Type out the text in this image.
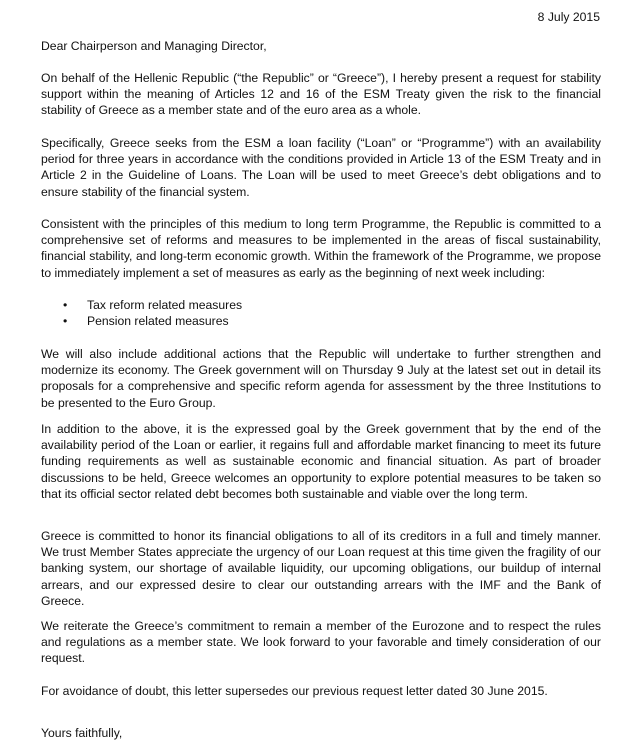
8 July 2015

Dear Chairperson and Managing Director,

On behalf of the Hellenic Republic (“the Republic” or “Greece”), I hereby present a request for stability support within the meaning of Articles 12 and 16 of the ESM Treaty given the risk to the financial stability of Greece as a member state and of the euro area as a whole.

Specifically, Greece seeks from the ESM a loan facility (“Loan” or “Programme”) with an availability period for three years in accordance with the conditions provided in Article 13 of the ESM Treaty and in Article 2 in the Guideline of Loans. The Loan will be used to meet Greece’s debt obligations and to ensure stability of the financial system.

Consistent with the principles of this medium to long term Programme, the Republic is committed to a comprehensive set of reforms and measures to be implemented in the areas of fiscal sustainability, financial stability, and long-term economic growth. Within the framework of the Programme, we propose to immediately implement a set of measures as early as the beginning of next week including:

• Tax reform related measures
• Pension related measures

We will also include additional actions that the Republic will undertake to further strengthen and modernize its economy. The Greek government will on Thursday 9 July at the latest set out in detail its proposals for a comprehensive and specific reform agenda for assessment by the three Institutions to be presented to the Euro Group.

In addition to the above, it is the expressed goal by the Greek government that by the end of the availability period of the Loan or earlier, it regains full and affordable market financing to meet its future funding requirements as well as sustainable economic and financial situation. As part of broader discussions to be held, Greece welcomes an opportunity to explore potential measures to be taken so that its official sector related debt becomes both sustainable and viable over the long term.

Greece is committed to honor its financial obligations to all of its creditors in a full and timely manner. We trust Member States appreciate the urgency of our Loan request at this time given the fragility of our banking system, our shortage of available liquidity, our upcoming obligations, our buildup of internal arrears, and our expressed desire to clear our outstanding arrears with the IMF and the Bank of Greece.

We reiterate the Greece’s commitment to remain a member of the Eurozone and to respect the rules and regulations as a member state. We look forward to your favorable and timely consideration of our request.

For avoidance of doubt, this letter supersedes our previous request letter dated 30 June 2015.

Yours faithfully,
